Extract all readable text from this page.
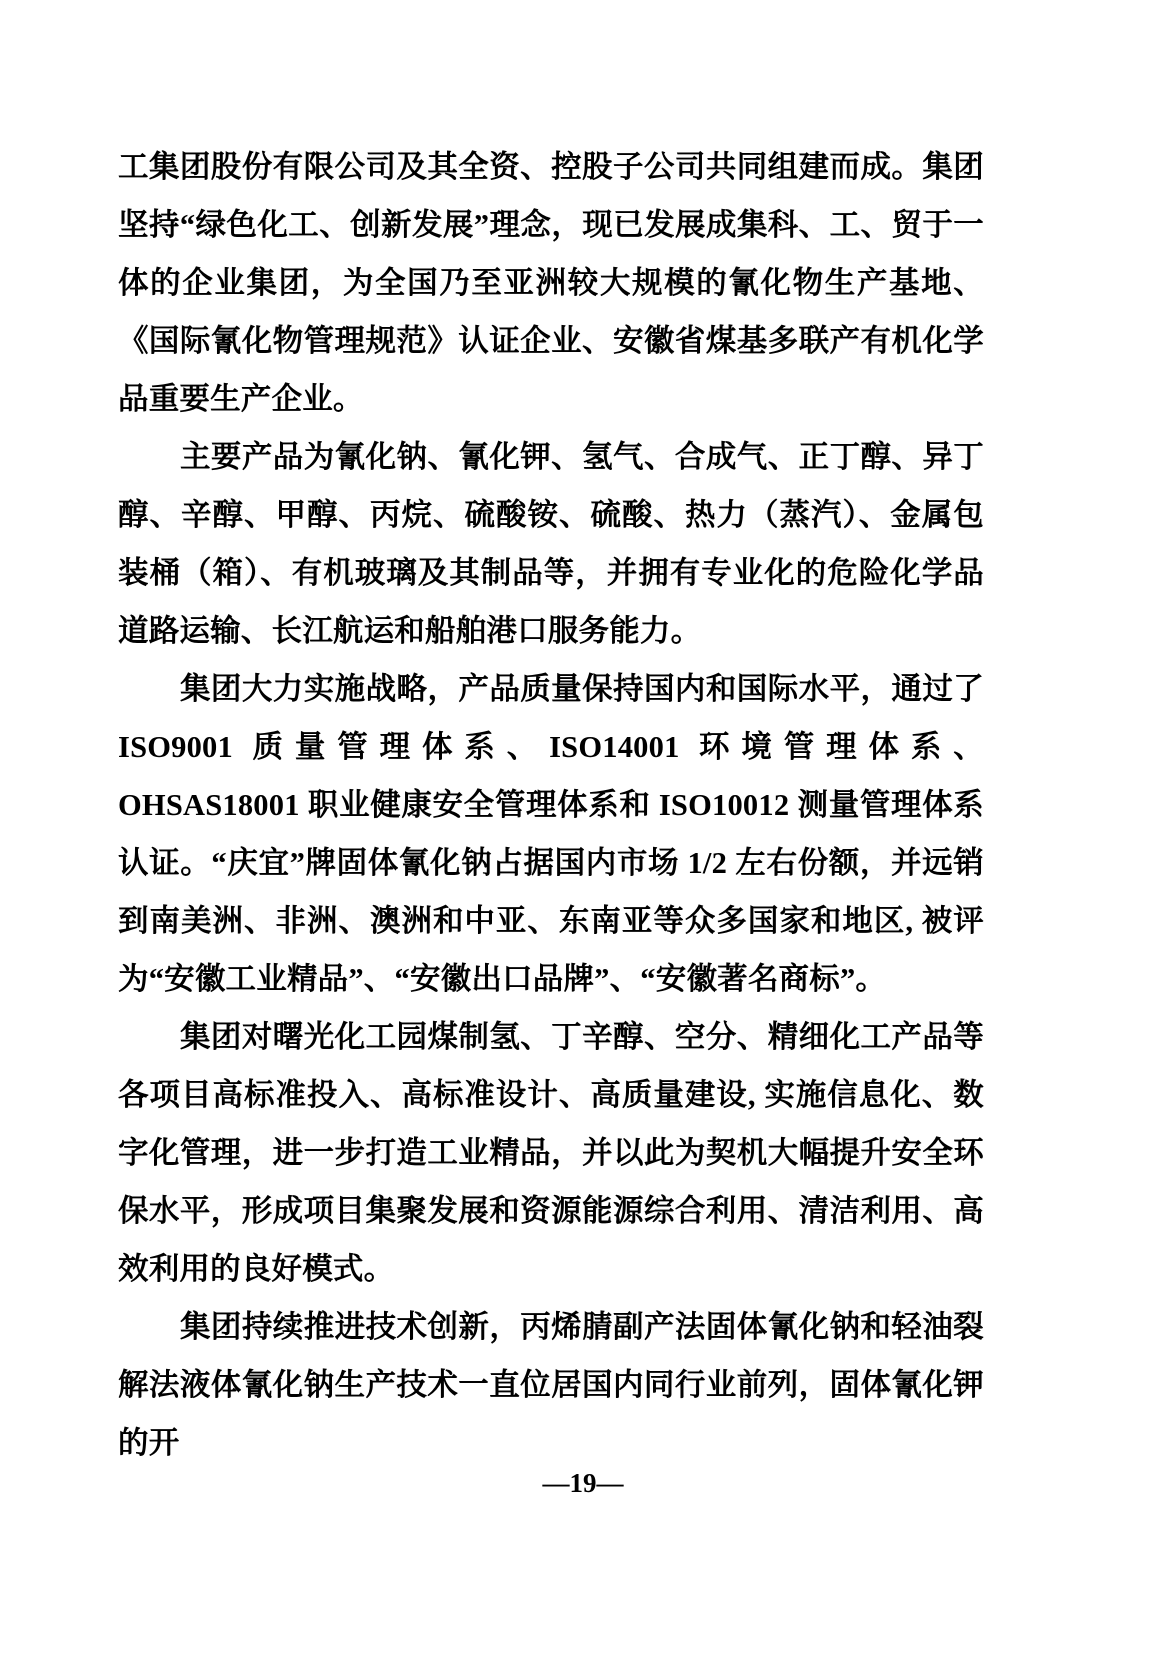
工集团股份有限公司及其全资、控股子公司共同组建而成。集团坚持“绿色化工、创新发展”理念，现已发展成集科、工、贸于一体的企业集团，为全国乃至亚洲较大规模的氰化物生产基地、《国际氰化物管理规范》认证企业、安徽省煤基多联产有机化学品重要生产企业。

主要产品为氰化钠、氰化钾、氢气、合成气、正丁醇、异丁醇、辛醇、甲醇、丙烷、硫酸铵、硫酸、热力（蒸汽）、金属包装桶（箱）、有机玻璃及其制品等，并拥有专业化的危险化学品道路运输、长江航运和船舶港口服务能力。

集团大力实施战略，产品质量保持国内和国际水平，通过了ISO9001 质量管理体系、ISO14001 环境管理体系、OHSAS18001 职业健康安全管理体系和 ISO10012 测量管理体系认证。“庆宜”牌固体氰化钠占据国内市场 1/2 左右份额，并远销到南美洲、非洲、澳洲和中亚、东南亚等众多国家和地区, 被评为“安徽工业精品”、“安徽出口品牌”、“安徽著名商标”。

集团对曙光化工园煤制氢、丁辛醇、空分、精细化工产品等各项目高标准投入、高标准设计、高质量建设, 实施信息化、数字化管理，进一步打造工业精品，并以此为契机大幅提升安全环保水平，形成项目集聚发展和资源能源综合利用、清洁利用、高效利用的良好模式。

集团持续推进技术创新，丙烯腈副产法固体氰化钠和轻油裂解法液体氰化钠生产技术一直位居国内同行业前列，固体氰化钾的开

—19—
